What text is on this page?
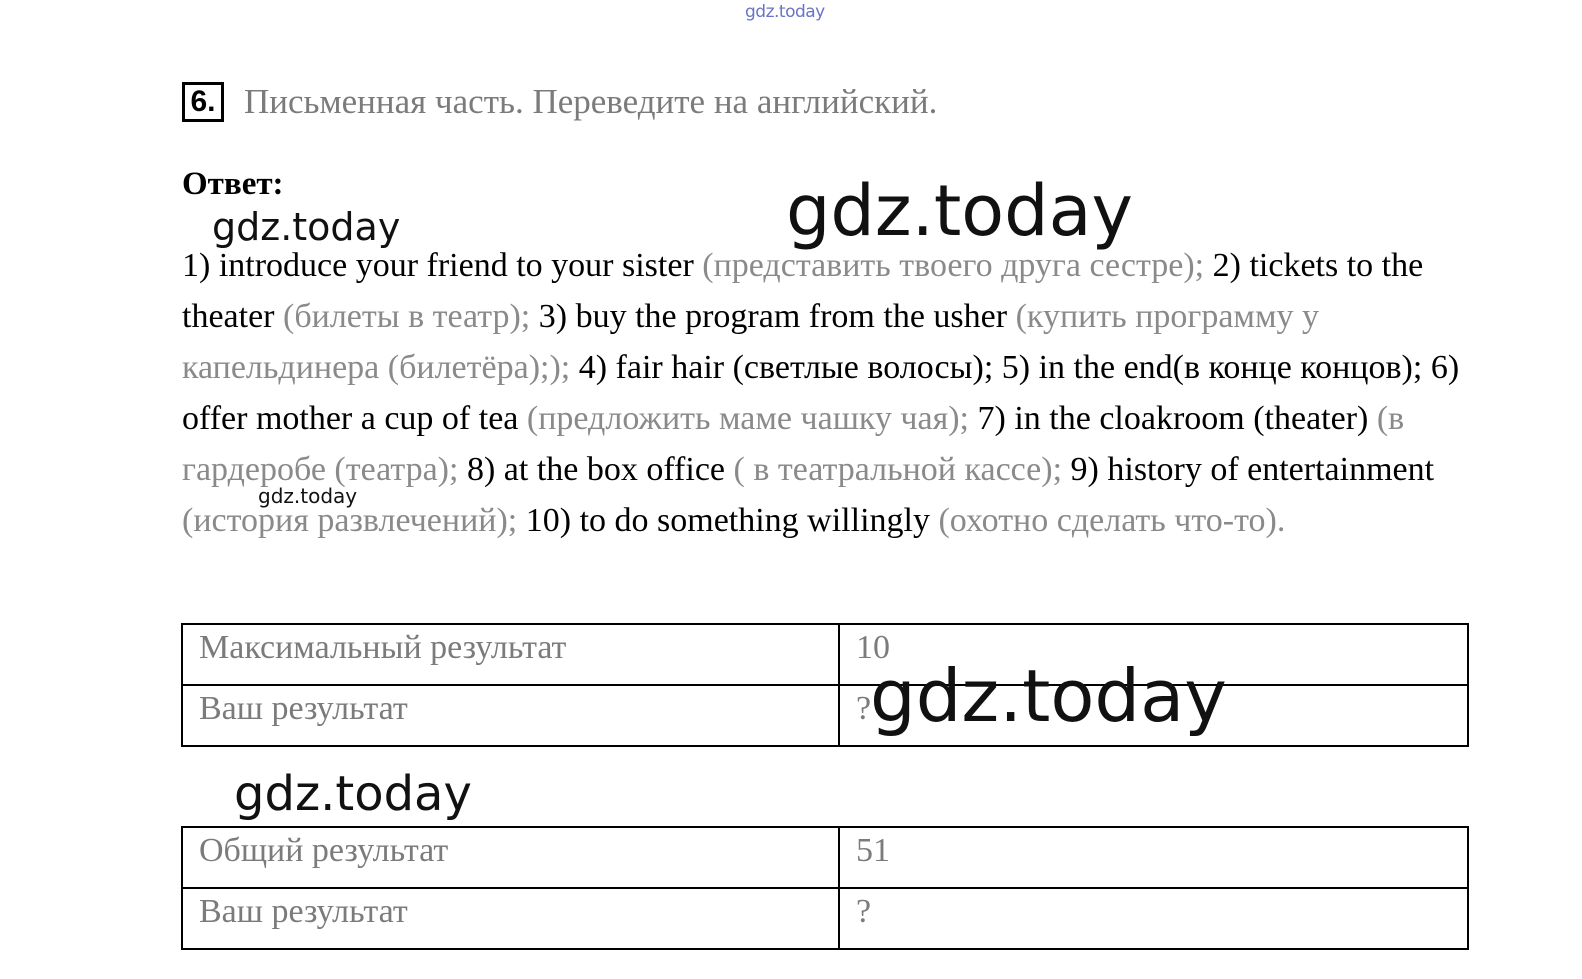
gdz.today
6. Письменная часть. Переведите на английский.
Ответ:
1) introduce your friend to your sister (представить твоего друга сестре); 2) tickets to the theater (билеты в театр); 3) buy the program from the usher (купить программу у капельдинера (билетёра);); 4) fair hair (светлые волосы); 5) in the end(в конце концов); 6) offer mother a cup of tea (предложить маме чашку чая); 7) in the cloakroom (theater) (в гардеробе (театра); 8) at the box office ( в театральной кассе); 9) history of entertainment (история развлечений); 10) to do something willingly (охотно сделать что-то).
Максимальный результат	10
Ваш результат	?
Общий результат	51
Ваш результат	?
gdz.today	gdz.today
gdz.today
gdz.today
gdz.today
